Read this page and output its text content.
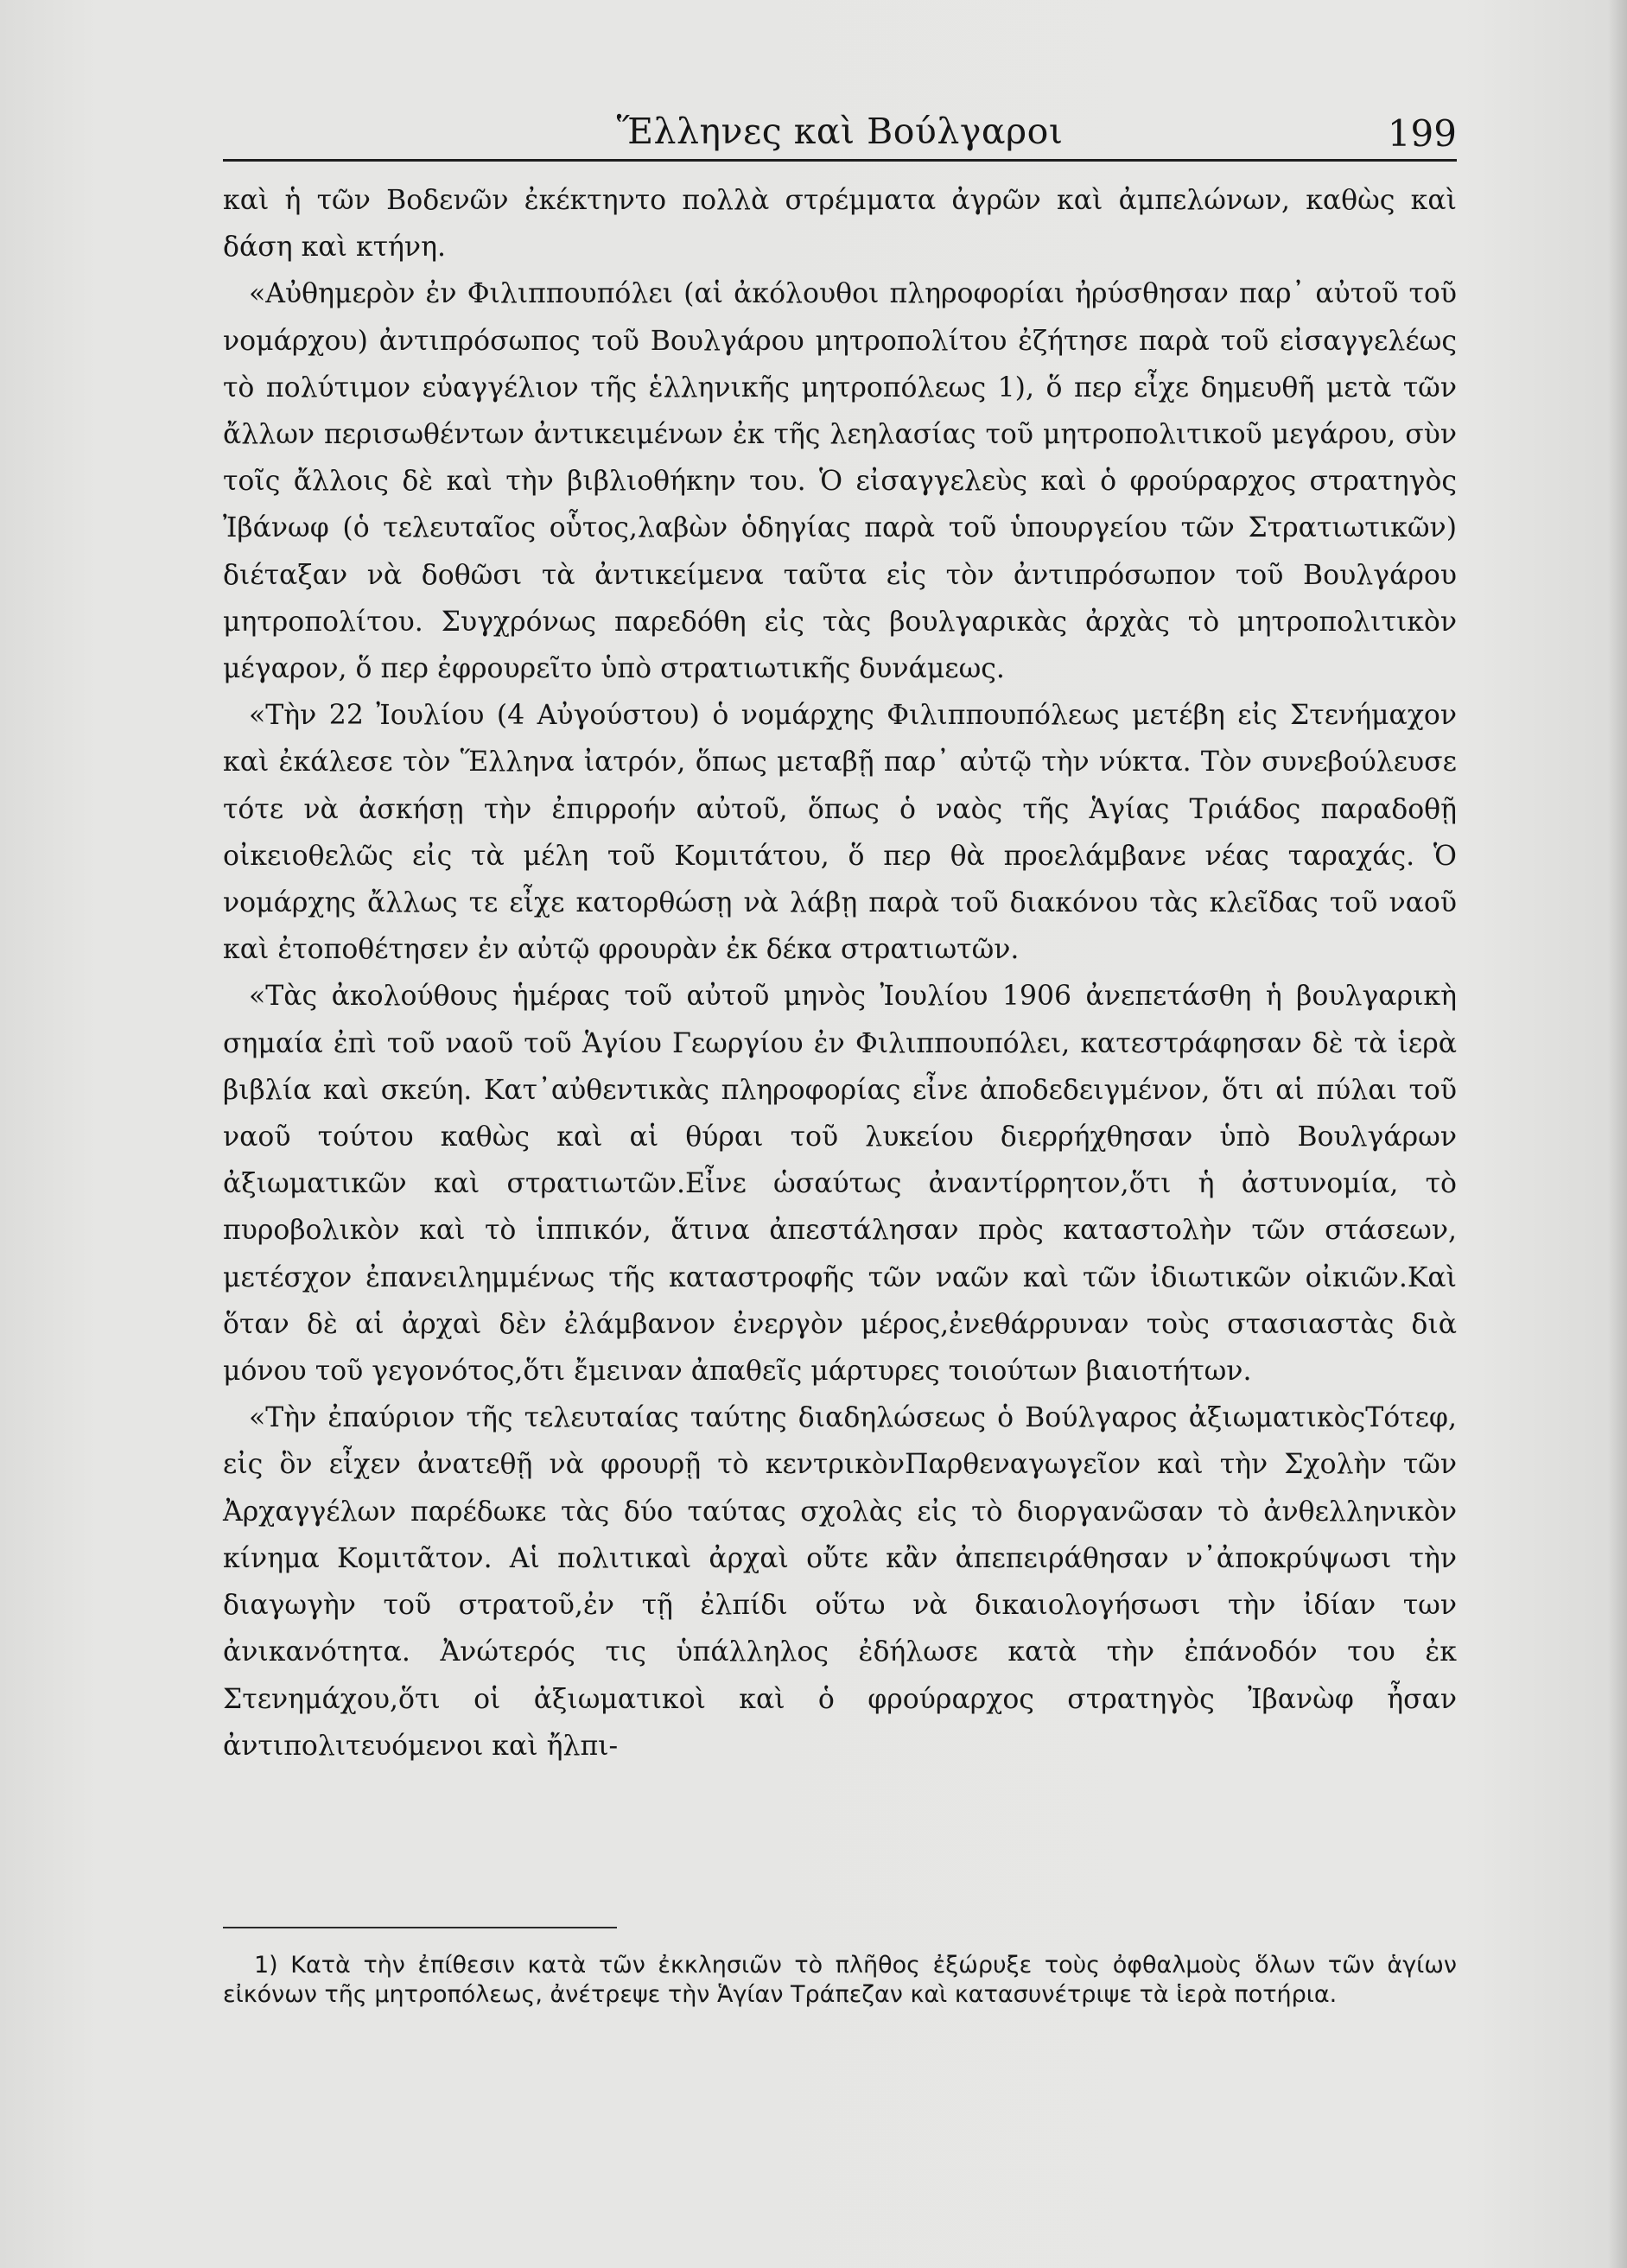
Ἕλληνες καὶ Βούλγαροι	199

καὶ ἡ τῶν Βοδενῶν ἐκέκτηντο πολλὰ στρέμματα ἀγρῶν καὶ ἀμπελώνων, καθὼς καὶ δάση καὶ κτήνη.

«Αὐθημερὸν ἐν Φιλιππουπόλει (αἱ ἀκόλουθοι πληροφορίαι ἠρύσθησαν παρ᾽ αὐτοῦ τοῦ νομάρχου) ἀντιπρόσωπος τοῦ Βουλγάρου μητροπολίτου ἐζήτησε παρὰ τοῦ εἰσαγγελέως τὸ πολύτιμον εὐαγγέλιον τῆς ἑλληνικῆς μητροπόλεως 1), ὅ περ εἶχε δημευθῆ μετὰ τῶν ἄλλων περισωθέντων ἀντικειμένων ἐκ τῆς λεηλασίας τοῦ μητροπολιτικοῦ μεγάρου, σὺν τοῖς ἄλλοις δὲ καὶ τὴν βιβλιοθήκην του. Ὁ εἰσαγγελεὺς καὶ ὁ φρούραρχος στρατηγὸς Ἰβάνωφ (ὁ τελευταῖος οὗτος,λαβὼν ὁδηγίας παρὰ τοῦ ὑπουργείου τῶν Στρατιωτικῶν) διέταξαν νὰ δοθῶσι τὰ ἀντικείμενα ταῦτα εἰς τὸν ἀντιπρόσωπον τοῦ Βουλγάρου μητροπολίτου. Συγχρόνως παρεδόθη εἰς τὰς βουλγαρικὰς ἀρχὰς τὸ μητροπολιτικὸν μέγαρον, ὅ περ ἐφρουρεῖτο ὑπὸ στρατιωτικῆς δυνάμεως.

«Τὴν 22 Ἰουλίου (4 Αὐγούστου) ὁ νομάρχης Φιλιππουπόλεως μετέβη εἰς Στενήμαχον καὶ ἐκάλεσε τὸν Ἕλληνα ἰατρόν, ὅπως μεταβῇ παρ᾽ αὐτῷ τὴν νύκτα. Τὸν συνεβούλευσε τότε νὰ ἀσκήσῃ τὴν ἐπιρροήν αὐτοῦ, ὅπως ὁ ναὸς τῆς Ἁγίας Τριάδος παραδοθῇ οἰκειοθελῶς εἰς τὰ μέλη τοῦ Κομιτάτου, ὅ περ θὰ προελάμβανε νέας ταραχάς. Ὁ νομάρχης ἄλλως τε εἶχε κατορθώσῃ νὰ λάβῃ παρὰ τοῦ διακόνου τὰς κλεῖδας τοῦ ναοῦ καὶ ἐτοποθέτησεν ἐν αὐτῷ φρουρὰν ἐκ δέκα στρατιωτῶν.

«Τὰς ἀκολούθους ἡμέρας τοῦ αὐτοῦ μηνὸς Ἰουλίου 1906 ἀνεπετάσθη ἡ βουλγαρικὴ σημαία ἐπὶ τοῦ ναοῦ τοῦ Ἁγίου Γεωργίου ἐν Φιλιππουπόλει, κατεστράφησαν δὲ τὰ ἱερὰ βιβλία καὶ σκεύη. Κατ᾽αὐθεντικὰς πληροφορίας εἶνε ἀποδεδειγμένον, ὅτι αἱ πύλαι τοῦ ναοῦ τούτου καθὼς καὶ αἱ θύραι τοῦ λυκείου διερρήχθησαν ὑπὸ Βουλγάρων ἀξιωματικῶν καὶ στρατιωτῶν.Εἶνε ὡσαύτως ἀναντίρρητον,ὅτι ἡ ἀστυνομία, τὸ πυροβολικὸν καὶ τὸ ἱππικόν, ἅτινα ἀπεστάλησαν πρὸς καταστολὴν τῶν στάσεων, μετέσχον ἐπανειλημμένως τῆς καταστροφῆς τῶν ναῶν καὶ τῶν ἰδιωτικῶν οἰκιῶν.Καὶ ὅταν δὲ αἱ ἀρχαὶ δὲν ἐλάμβανον ἐνεργὸν μέρος,ἐνεθάρρυναν τοὺς στασιαστὰς διὰ μόνου τοῦ γεγονότος,ὅτι ἔμειναν ἀπαθεῖς μάρτυρες τοιούτων βιαιοτήτων.

«Τὴν ἐπαύριον τῆς τελευταίας ταύτης διαδηλώσεως ὁ Βούλγαρος ἀξιωματικὸςΤότεφ, εἰς ὃν εἶχεν ἀνατεθῇ νὰ φρουρῇ τὸ κεντρικὸνΠαρθεναγωγεῖον καὶ τὴν Σχολὴν τῶν Ἀρχαγγέλων παρέδωκε τὰς δύο ταύτας σχολὰς εἰς τὸ διοργανῶσαν τὸ ἀνθελληνικὸν κίνημα Κομιτᾶτον. Αἱ πολιτικαὶ ἀρχαὶ οὔτε κἂν ἀπεπειράθησαν ν᾽ἀποκρύψωσι τὴν διαγωγὴν τοῦ στρατοῦ,ἐν τῇ ἐλπίδι οὕτω νὰ δικαιολογήσωσι τὴν ἰδίαν των ἀνικανότητα. Ἀνώτερός τις ὑπάλληλος ἐδήλωσε κατὰ τὴν ἐπάνοδόν του ἐκ Στενημάχου,ὅτι οἱ ἀξιωματικοὶ καὶ ὁ φρούραρχος στρατηγὸς Ἰβανὼφ ἦσαν ἀντιπολιτευόμενοι καὶ ἤλπι-

1) Κατὰ τὴν ἐπίθεσιν κατὰ τῶν ἐκκλησιῶν τὸ πλῆθος ἐξώρυξε τοὺς ὀφθαλμοὺς ὅλων τῶν ἁγίων εἰκόνων τῆς μητροπόλεως, ἀνέτρεψε τὴν Ἁγίαν Τράπεζαν καὶ κατασυνέτριψε τὰ ἱερὰ ποτήρια.
